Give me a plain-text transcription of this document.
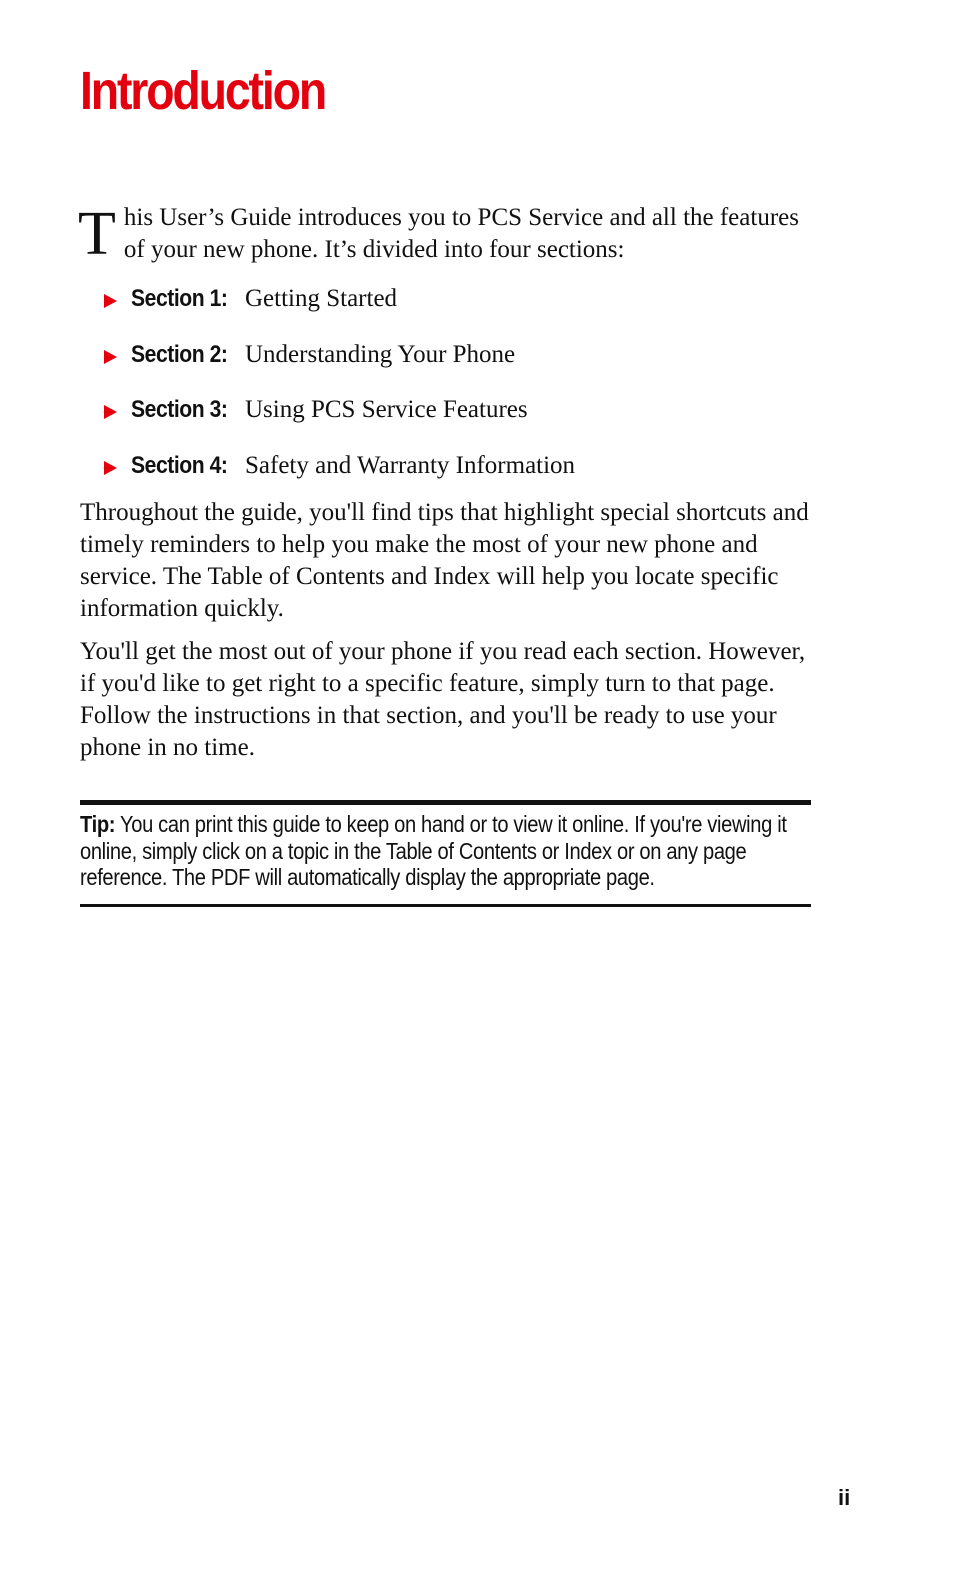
Introduction
T his User’s Guide introduces you to PCS Service and all the features of your new phone. It’s divided into four sections:
Section 1: Getting Started
Section 2: Understanding Your Phone
Section 3: Using PCS Service Features
Section 4: Safety and Warranty Information

Throughout the guide, you'll find tips that highlight special shortcuts and timely reminders to help you make the most of your new phone and service. The Table of Contents and Index will help you locate specific information quickly.

You'll get the most out of your phone if you read each section. However, if you'd like to get right to a specific feature, simply turn to that page. Follow the instructions in that section, and you'll be ready to use your phone in no time.

Tip: You can print this guide to keep on hand or to view it online. If you're viewing it online, simply click on a topic in the Table of Contents or Index or on any page reference. The PDF will automatically display the appropriate page.

ii
